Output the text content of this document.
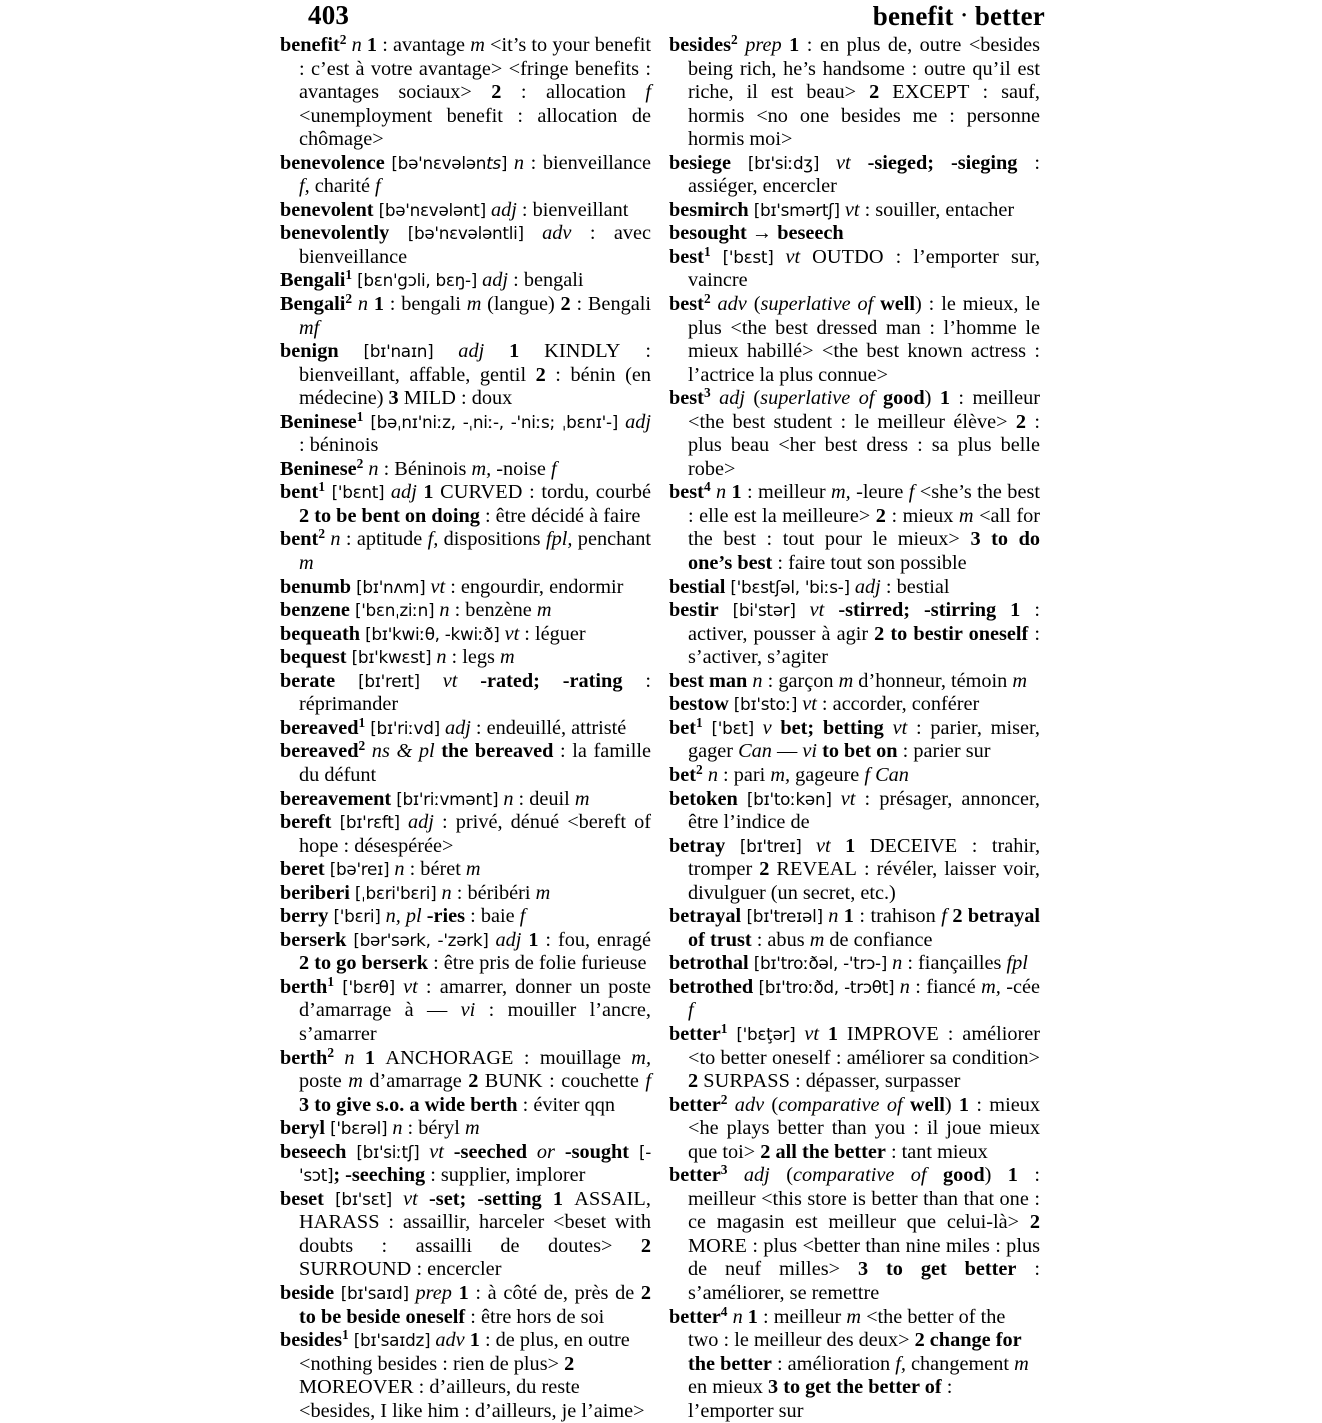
403	benefit · better

benefit$^2$ n 1 : avantage m <it’s to your benefit : c’est à votre avantage> <fringe benefits : avantages sociaux> 2 : allocation f <unemployment benefit : allocation de chômage>

benevolence [bə'nɛvələnts] n : bienveillance f, charité f

benevolent [bə'nɛvələnt] adj : bienveillant

benevolently [bə'nɛvələntli] adv : avec bienveillance

Bengali$^1$ [bɛn'gɔli, bɛŋ-] adj : bengali

Bengali$^2$ n 1 : bengali m (langue) 2 : Bengali mf

benign [bɪ'naɪn] adj 1 KINDLY : bienveillant, affable, gentil 2 : bénin (en médecine) 3 MILD : doux

Beninese$^1$ [bəˌnɪ'niːz, -ˌniː-, -'niːs; ˌbɛnɪ'-] adj : béninois

Beninese$^2$ n : Béninois m, -noise f

bent$^1$ ['bɛnt] adj 1 CURVED : tordu, courbé 2 to be bent on doing : être décidé à faire

bent$^2$ n : aptitude f, dispositions fpl, penchant m

benumb [bɪ'nʌm] vt : engourdir, endormir

benzene ['bɛnˌziːn] n : benzène m

bequeath [bɪ'kwiːθ, -kwiːð] vt : léguer

bequest [bɪ'kwɛst] n : legs m

berate [bɪ'reɪt] vt -rated; -rating : réprimander

bereaved$^1$ [bɪ'riːvd] adj : endeuillé, attristé

bereaved$^2$ ns & pl the bereaved : la famille du défunt

bereavement [bɪ'riːvmənt] n : deuil m

bereft [bɪ'rɛft] adj : privé, dénué <bereft of hope : désespérée>

beret [bə'reɪ] n : béret m

beriberi [ˌbɛri'bɛri] n : béribéri m

berry ['bɛri] n, pl -ries : baie f

berserk [bər'sərk, -'zərk] adj 1 : fou, enragé 2 to go berserk : être pris de folie furieuse

berth$^1$ ['bɛrθ] vt : amarrer, donner un poste d’amarrage à — vi : mouiller l’ancre, s’amarrer

berth$^2$ n 1 ANCHORAGE : mouillage m, poste m d’amarrage 2 BUNK : couchette f 3 to give s.o. a wide berth : éviter qqn

beryl ['bɛrəl] n : béryl m

beseech [bɪ'siːtʃ] vt -seeched or -sought [-'sɔt]; -seeching : supplier, implorer

beset [bɪ'sɛt] vt -set; -setting 1 ASSAIL, HARASS : assaillir, harceler <beset with doubts : assailli de doutes> 2 SURROUND : encercler

beside [bɪ'saɪd] prep 1 : à côté de, près de 2 to be beside oneself : être hors de soi

besides$^1$ [bɪ'saɪdz] adv 1 : de plus, en outre <nothing besides : rien de plus> 2 MOREOVER : d’ailleurs, du reste <besides, I like him : d’ailleurs, je l’aime>

besides$^2$ prep 1 : en plus de, outre <besides being rich, he’s handsome : outre qu’il est riche, il est beau> 2 EXCEPT : sauf, hormis <no one besides me : personne hormis moi>

besiege [bɪ'siːdʒ] vt -sieged; -sieging : assiéger, encercler

besmirch [bɪ'smərtʃ] vt : souiller, entacher

besought → beseech

best$^1$ ['bɛst] vt OUTDO : l’emporter sur, vaincre

best$^2$ adv (superlative of well) : le mieux, le plus <the best dressed man : l’homme le mieux habillé> <the best known actress : l’actrice la plus connue>

best$^3$ adj (superlative of good) 1 : meilleur <the best student : le meilleur élève> 2 : plus beau <her best dress : sa plus belle robe>

best$^4$ n 1 : meilleur m, -leure f <she’s the best : elle est la meilleure> 2 : mieux m <all for the best : tout pour le mieux> 3 to do one’s best : faire tout son possible

bestial ['bɛstʃəl, 'biːs-] adj : bestial

bestir [bi'stər] vt -stirred; -stirring 1 : activer, pousser à agir 2 to bestir oneself : s’activer, s’agiter

best man n : garçon m d’honneur, témoin m

bestow [bɪ'stoː] vt : accorder, conférer

bet$^1$ ['bɛt] v bet; betting vt : parier, miser, gager Can — vi to bet on : parier sur

bet$^2$ n : pari m, gageure f Can

betoken [bɪ'toːkən] vt : présager, annoncer, être l’indice de

betray [bɪ'treɪ] vt 1 DECEIVE : trahir, tromper 2 REVEAL : révéler, laisser voir, divulguer (un secret, etc.)

betrayal [bɪ'treɪəl] n 1 : trahison f 2 betrayal of trust : abus m de confiance

betrothal [bɪ'troːðəl, -'trɔ-] n : fiançailles fpl

betrothed [bɪ'troːðd, -trɔθt] n : fiancé m, -cée f

better$^1$ ['bɛţər] vt 1 IMPROVE : améliorer <to better oneself : améliorer sa condition> 2 SURPASS : dépasser, surpasser

better$^2$ adv (comparative of well) 1 : mieux <he plays better than you : il joue mieux que toi> 2 all the better : tant mieux

better$^3$ adj (comparative of good) 1 : meilleur <this store is better than that one : ce magasin est meilleur que celui-là> 2 MORE : plus <better than nine miles : plus de neuf milles> 3 to get better : s’améliorer, se remettre

better$^4$ n 1 : meilleur m <the better of the two : le meilleur des deux> 2 change for the better : amélioration f, changement m en mieux 3 to get the better of : l’emporter sur
